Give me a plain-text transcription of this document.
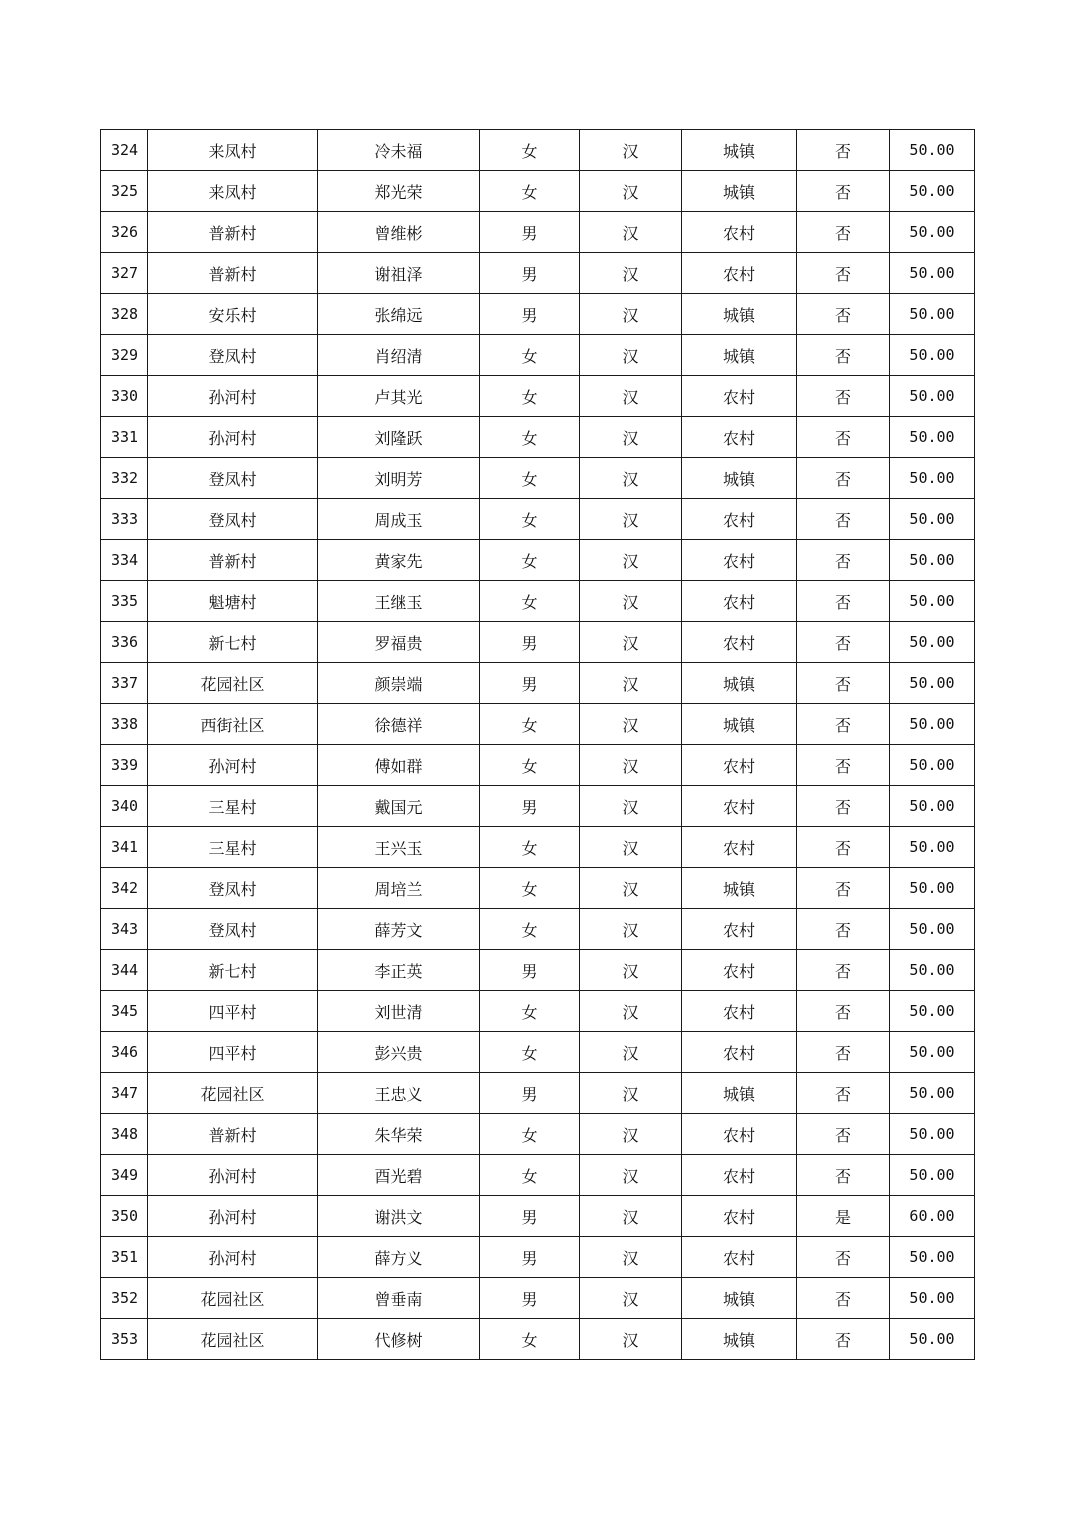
324	来凤村	冷未福	女	汉	城镇	否	50.00
325	来凤村	郑光荣	女	汉	城镇	否	50.00
326	普新村	曾维彬	男	汉	农村	否	50.00
327	普新村	谢祖泽	男	汉	农村	否	50.00
328	安乐村	张绵远	男	汉	城镇	否	50.00
329	登凤村	肖绍清	女	汉	城镇	否	50.00
330	孙河村	卢其光	女	汉	农村	否	50.00
331	孙河村	刘隆跃	女	汉	农村	否	50.00
332	登凤村	刘明芳	女	汉	城镇	否	50.00
333	登凤村	周成玉	女	汉	农村	否	50.00
334	普新村	黄家先	女	汉	农村	否	50.00
335	魁塘村	王继玉	女	汉	农村	否	50.00
336	新七村	罗福贵	男	汉	农村	否	50.00
337	花园社区	颜崇端	男	汉	城镇	否	50.00
338	西街社区	徐德祥	女	汉	城镇	否	50.00
339	孙河村	傅如群	女	汉	农村	否	50.00
340	三星村	戴国元	男	汉	农村	否	50.00
341	三星村	王兴玉	女	汉	农村	否	50.00
342	登凤村	周培兰	女	汉	城镇	否	50.00
343	登凤村	薛芳文	女	汉	农村	否	50.00
344	新七村	李正英	男	汉	农村	否	50.00
345	四平村	刘世清	女	汉	农村	否	50.00
346	四平村	彭兴贵	女	汉	农村	否	50.00
347	花园社区	王忠义	男	汉	城镇	否	50.00
348	普新村	朱华荣	女	汉	农村	否	50.00
349	孙河村	酉光碧	女	汉	农村	否	50.00
350	孙河村	谢洪文	男	汉	农村	是	60.00
351	孙河村	薛方义	男	汉	农村	否	50.00
352	花园社区	曾垂南	男	汉	城镇	否	50.00
353	花园社区	代修树	女	汉	城镇	否	50.00
